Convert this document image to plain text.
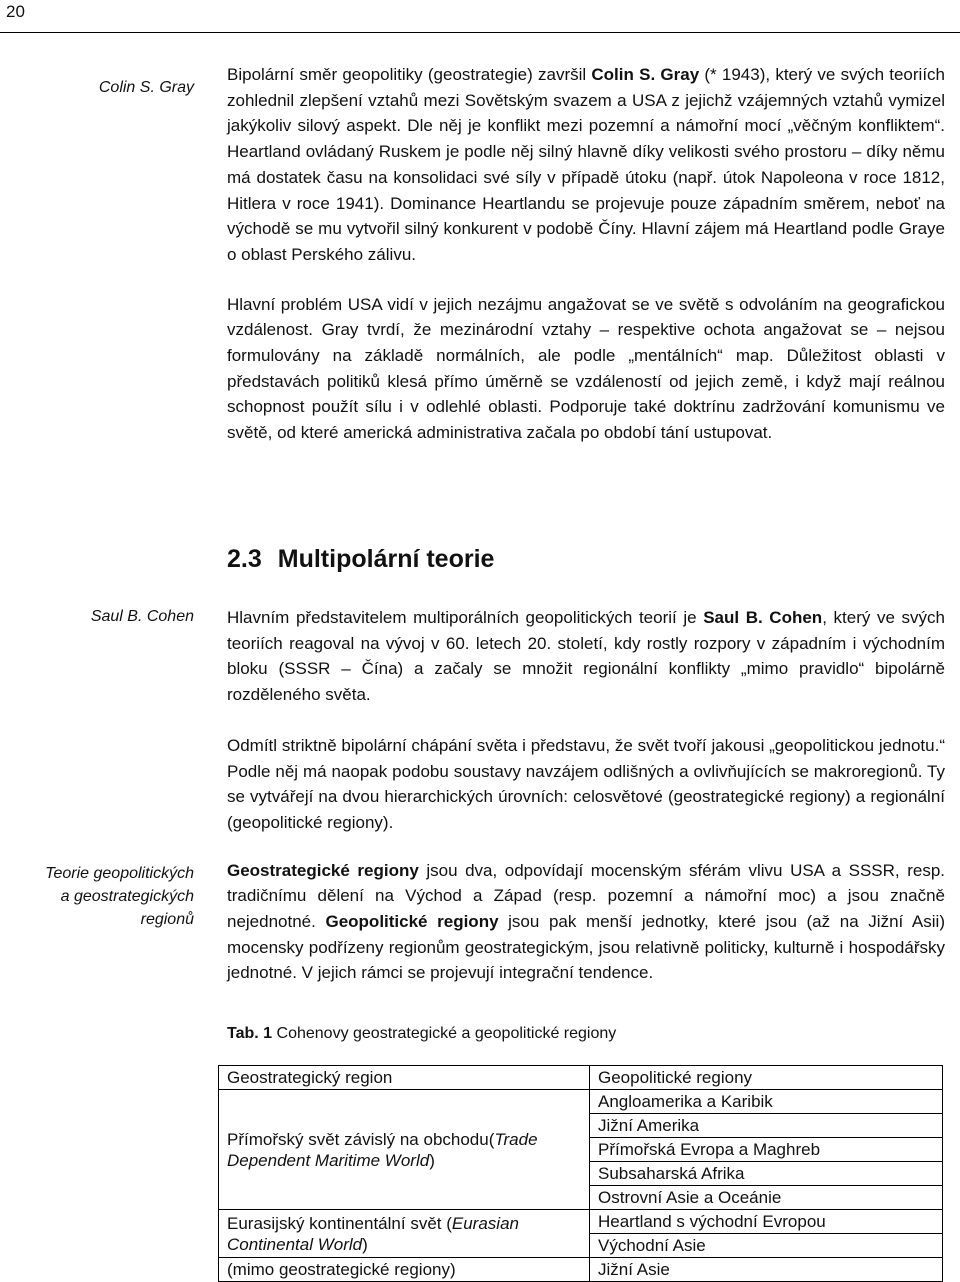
20
Colin S. Gray

Bipolární směr geopolitiky (geostrategie) završil Colin S. Gray (* 1943), který ve svých teoriích zohlednil zlepšení vztahů mezi Sovětským svazem a USA z jejichž vzájemných vztahů vymizel jakýkoliv silový aspekt. Dle něj je konflikt mezi pozemní a námořní mocí „věčným konfliktem“. Heartland ovládaný Ruskem je podle něj silný hlavně díky velikosti svého prostoru – díky němu má dostatek času na konsolidaci své síly v případě útoku (např. útok Napoleona v roce 1812, Hitlera v roce 1941). Dominance Heartlandu se projevuje pouze západním směrem, neboť na východě se mu vytvořil silný konkurent v podobě Číny. Hlavní zájem má Heartland podle Graye o oblast Perského zálivu.

Hlavní problém USA vidí v jejich nezájmu angažovat se ve světě s odvoláním na geografickou vzdálenost. Gray tvrdí, že mezinárodní vztahy – respektive ochota angažovat se – nejsou formulovány na základě normálních, ale podle „mentálních“ map. Důležitost oblasti v představách politiků klesá přímo úměrně se vzdáleností od jejich země, i když mají reálnou schopnost použít sílu i v odlehlé oblasti. Podporuje také doktrínu zadržování komunismu ve světě, od které americká administrativa začala po období tání ustupovat.

2.3 Multipolární teorie
Saul B. Cohen
Teorie geopolitických
a geostrategických
regionů

Hlavním představitelem multiporálních geopolitických teorií je Saul B. Cohen, který ve svých teoriích reagoval na vývoj v 60. letech 20. století, kdy rostly rozpory v západním i východním bloku (SSSR – Čína) a začaly se množit regionální konflikty „mimo pravidlo“ bipolárně rozděleného světa.

Odmítl striktně bipolární chápání světa i představu, že svět tvoří jakousi „geopolitickou jednotu.“ Podle něj má naopak podobu soustavy navzájem odlišných a ovlivňujících se makroregionů. Ty se vytvářejí na dvou hierarchických úrovních: celosvětové (geostrategické regiony) a regionální (geopolitické regiony).

Geostrategické regiony jsou dva, odpovídají mocenským sférám vlivu USA a SSSR, resp. tradičnímu dělení na Východ a Západ (resp. pozemní a námořní moc) a jsou značně nejednotné. Geopolitické regiony jsou pak menší jednotky, které jsou (až na Jižní Asii) mocensky podřízeny regionům geostrategickým, jsou relativně politicky, kulturně i hospodářsky jednotné. V jejich rámci se projevují integrační tendence.

Tab. 1 Cohenovy geostrategické a geopolitické regiony
Geostrategický region	Geopolitické regiony
Přímořský svět závislý na obchodu(Trade Dependent Maritime World)	Angloamerika a Karibik
	Jižní Amerika
	Přímořská Evropa a Maghreb
	Subsaharská Afrika
	Ostrovní Asie a Oceánie
Eurasijský kontinentální svět (Eurasian Continental World)	Heartland s východní Evropou
	Východní Asie
(mimo geostrategické regiony)	Jižní Asie
